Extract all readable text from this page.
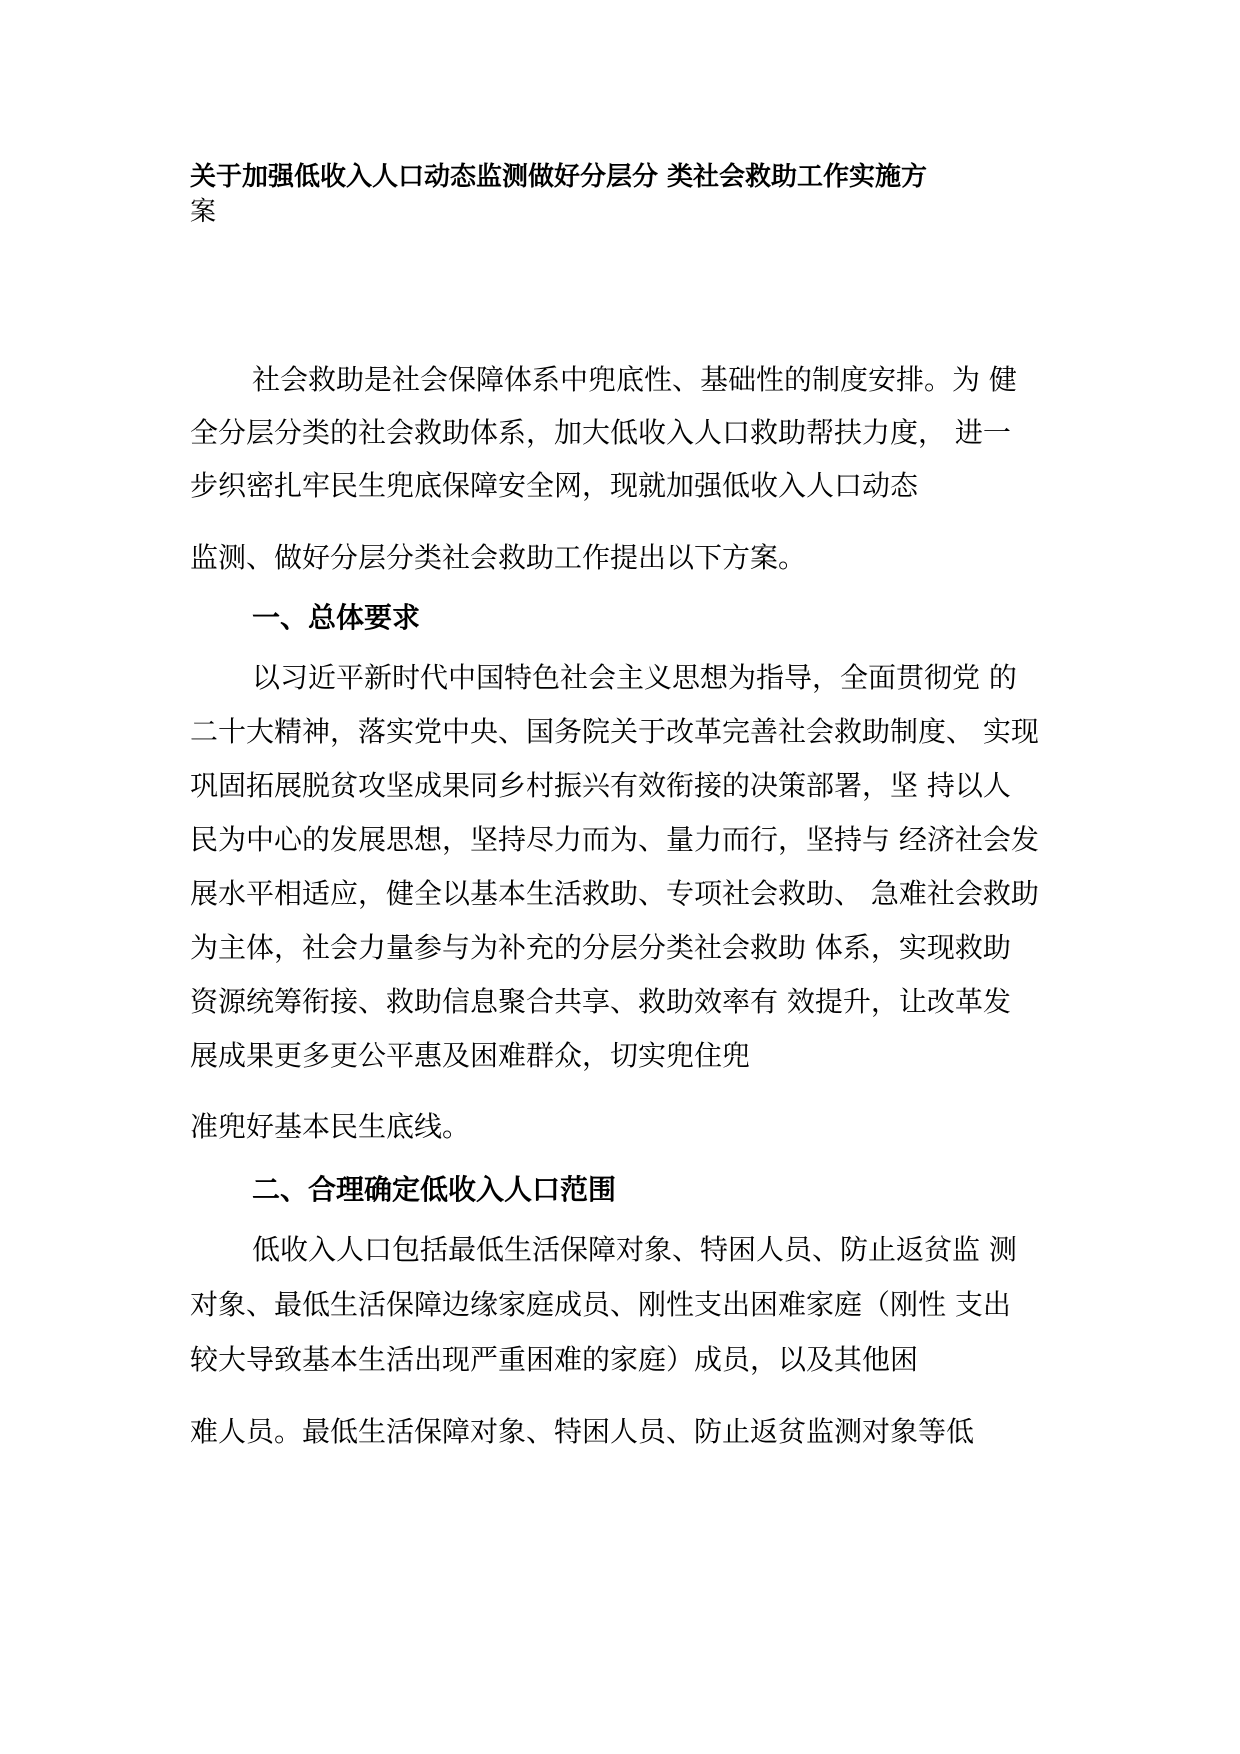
关于加强低收入人口动态监测做好分层分 类社会救助工作实施方

案

社会救助是社会保障体系中兜底性、基础性的制度安排。为 健

全分层分类的社会救助体系，加大低收入人口救助帮扶力度， 进一

步织密扎牢民生兜底保障安全网，现就加强低收入人口动态

监测、做好分层分类社会救助工作提出以下方案。

一、总体要求

以习近平新时代中国特色社会主义思想为指导，全面贯彻党 的

二十大精神，落实党中央、国务院关于改革完善社会救助制度、 实现

巩固拓展脱贫攻坚成果同乡村振兴有效衔接的决策部署，坚 持以人

民为中心的发展思想，坚持尽力而为、量力而行，坚持与 经济社会发

展水平相适应，健全以基本生活救助、专项社会救助、 急难社会救助

为主体，社会力量参与为补充的分层分类社会救助 体系，实现救助

资源统筹衔接、救助信息聚合共享、救助效率有 效提升，让改革发

展成果更多更公平惠及困难群众，切实兜住兜

准兜好基本民生底线。

二、合理确定低收入人口范围

低收入人口包括最低生活保障对象、特困人员、防止返贫监 测

对象、最低生活保障边缘家庭成员、刚性支出困难家庭（刚性 支出

较大导致基本生活出现严重困难的家庭）成员，以及其他困

难人员。最低生活保障对象、特困人员、防止返贫监测对象等低
